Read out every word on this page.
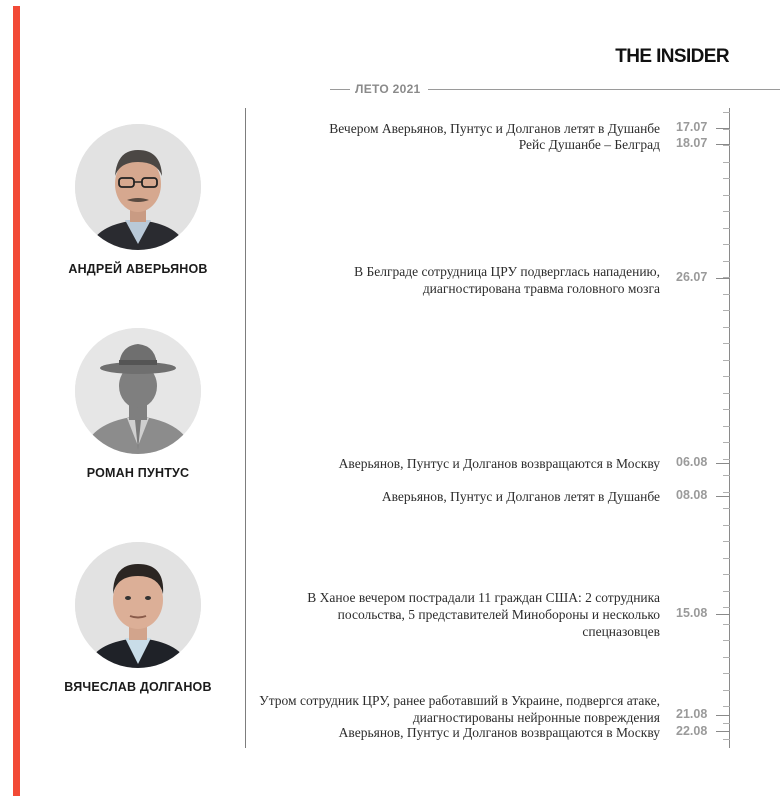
THE INSIDER
ЛЕТО 2021
АНДРЕЙ АВЕРЬЯНОВ
РОМАН ПУНТУС
ВЯЧЕСЛАВ ДОЛГАНОВ
Вечером Аверьянов, Пунтус и Долганов летят в Душанбе 17.07
Рейс Душанбе – Белград 18.07
В Белграде сотрудница ЦРУ подверглась нападению, диагностирована травма головного мозга
26.07
Аверьянов, Пунтус и Долганов возвращаются в Москву 06.08
Аверьянов, Пунтус и Долганов летят в Душанбе 08.08
В Ханое вечером пострадали 11 граждан США: 2 сотрудника посольства, 5 представителей Минобороны и несколько спецназовцев
15.08
Утром сотрудник ЦРУ, ранее работавший в Украине, подвергся атаке, диагностированы нейронные повреждения 21.08
Аверьянов, Пунтус и Долганов возвращаются в Москву 22.08
